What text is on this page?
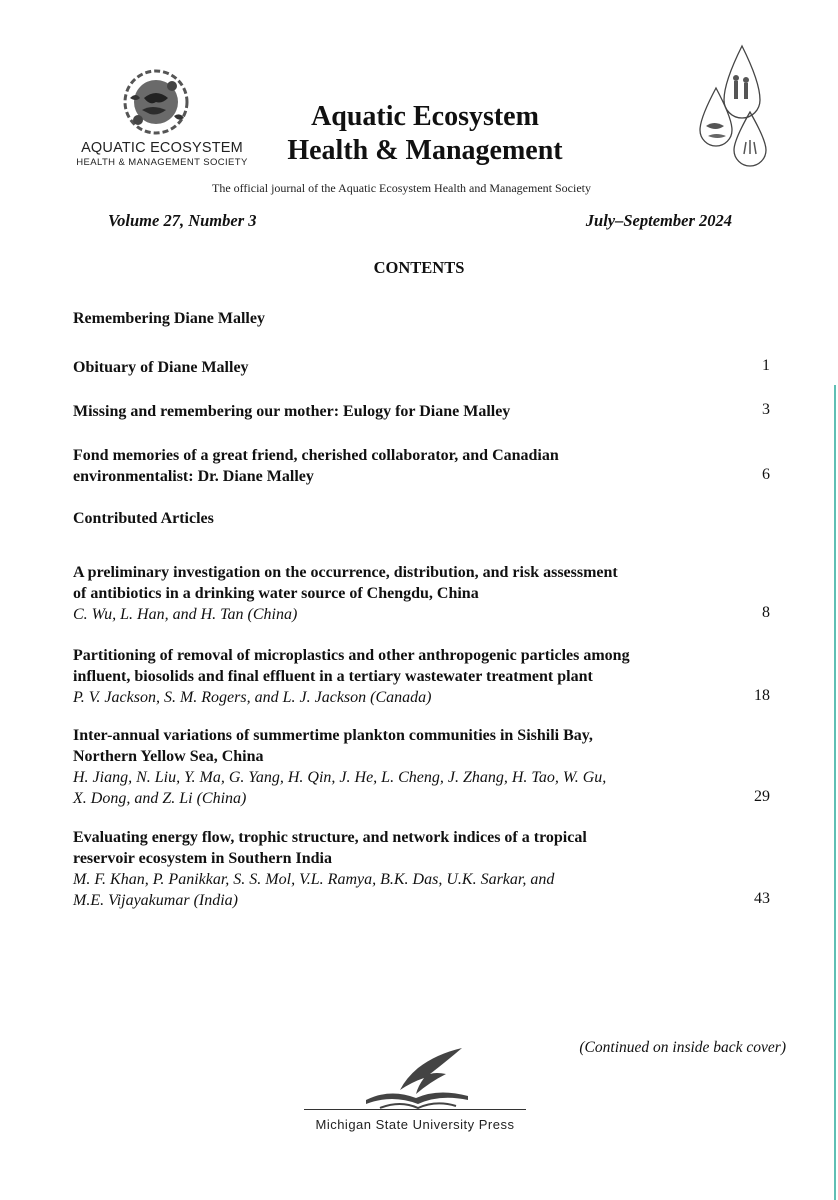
AQUATIC ECOSYSTEM
HEALTH & MANAGEMENT SOCIETY
Aquatic Ecosystem
Health & Management
The official journal of the Aquatic Ecosystem Health and Management Society
Volume 27, Number 3	July–September 2024
CONTENTS
Remembering Diane Malley
Obituary of Diane Malley	1
Missing and remembering our mother: Eulogy for Diane Malley	3
Fond memories of a great friend, cherished collaborator, and Canadian
environmentalist: Dr. Diane Malley	6
Contributed Articles
A preliminary investigation on the occurrence, distribution, and risk assessment
of antibiotics in a drinking water source of Chengdu, China
C. Wu, L. Han, and H. Tan (China)	8
Partitioning of removal of microplastics and other anthropogenic particles among
influent, biosolids and final effluent in a tertiary wastewater treatment plant
P. V. Jackson, S. M. Rogers, and L. J. Jackson (Canada)	18
Inter-annual variations of summertime plankton communities in Sishili Bay,
Northern Yellow Sea, China
H. Jiang, N. Liu, Y. Ma, G. Yang, H. Qin, J. He, L. Cheng, J. Zhang, H. Tao, W. Gu,
X. Dong, and Z. Li (China)	29
Evaluating energy flow, trophic structure, and network indices of a tropical
reservoir ecosystem in Southern India
M. F. Khan, P. Panikkar, S. S. Mol, V.L. Ramya, B.K. Das, U.K. Sarkar, and
M.E. Vijayakumar (India)	43
(Continued on inside back cover)
Michigan State University Press
